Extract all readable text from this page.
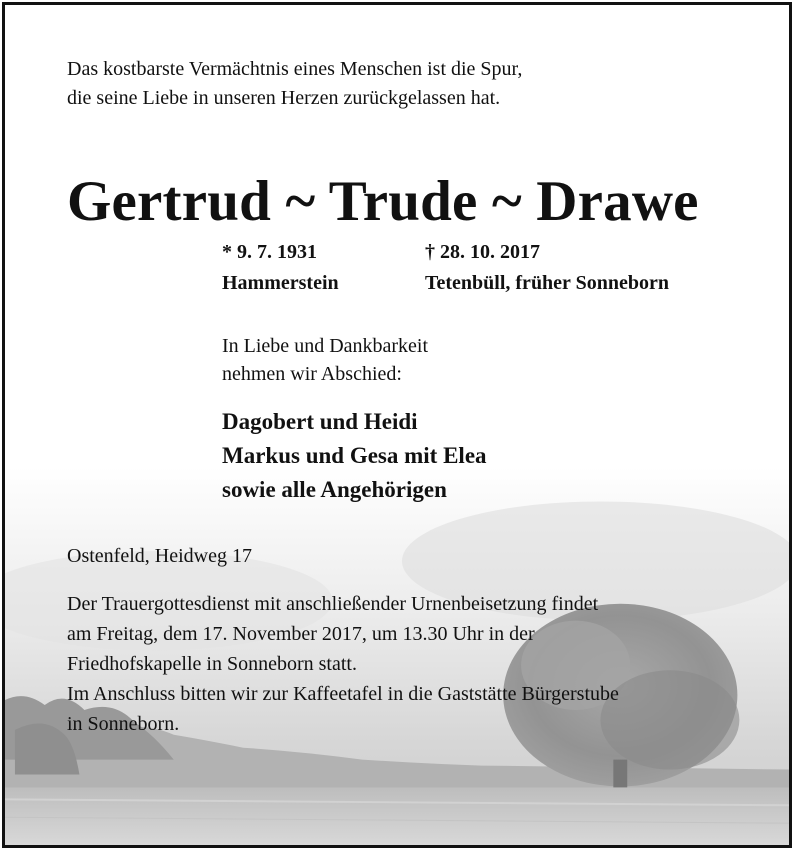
Das kostbarste Vermächtnis eines Menschen ist die Spur,
die seine Liebe in unseren Herzen zurückgelassen hat.
Gertrud ~ Trude ~ Drawe
* 9. 7. 1931
Hammerstein
† 28. 10. 2017
Tetenbüll, früher Sonneborn
In Liebe und Dankbarkeit
nehmen wir Abschied:
Dagobert und Heidi
Markus und Gesa mit Elea
sowie alle Angehörigen
Ostenfeld, Heidweg 17
Der Trauergottesdienst mit anschließender Urnenbeisetzung findet
am Freitag, dem 17. November 2017, um 13.30 Uhr in der
Friedhofskapelle in Sonneborn statt.
Im Anschluss bitten wir zur Kaffeetafel in die Gaststätte Bürgerstube
in Sonneborn.
